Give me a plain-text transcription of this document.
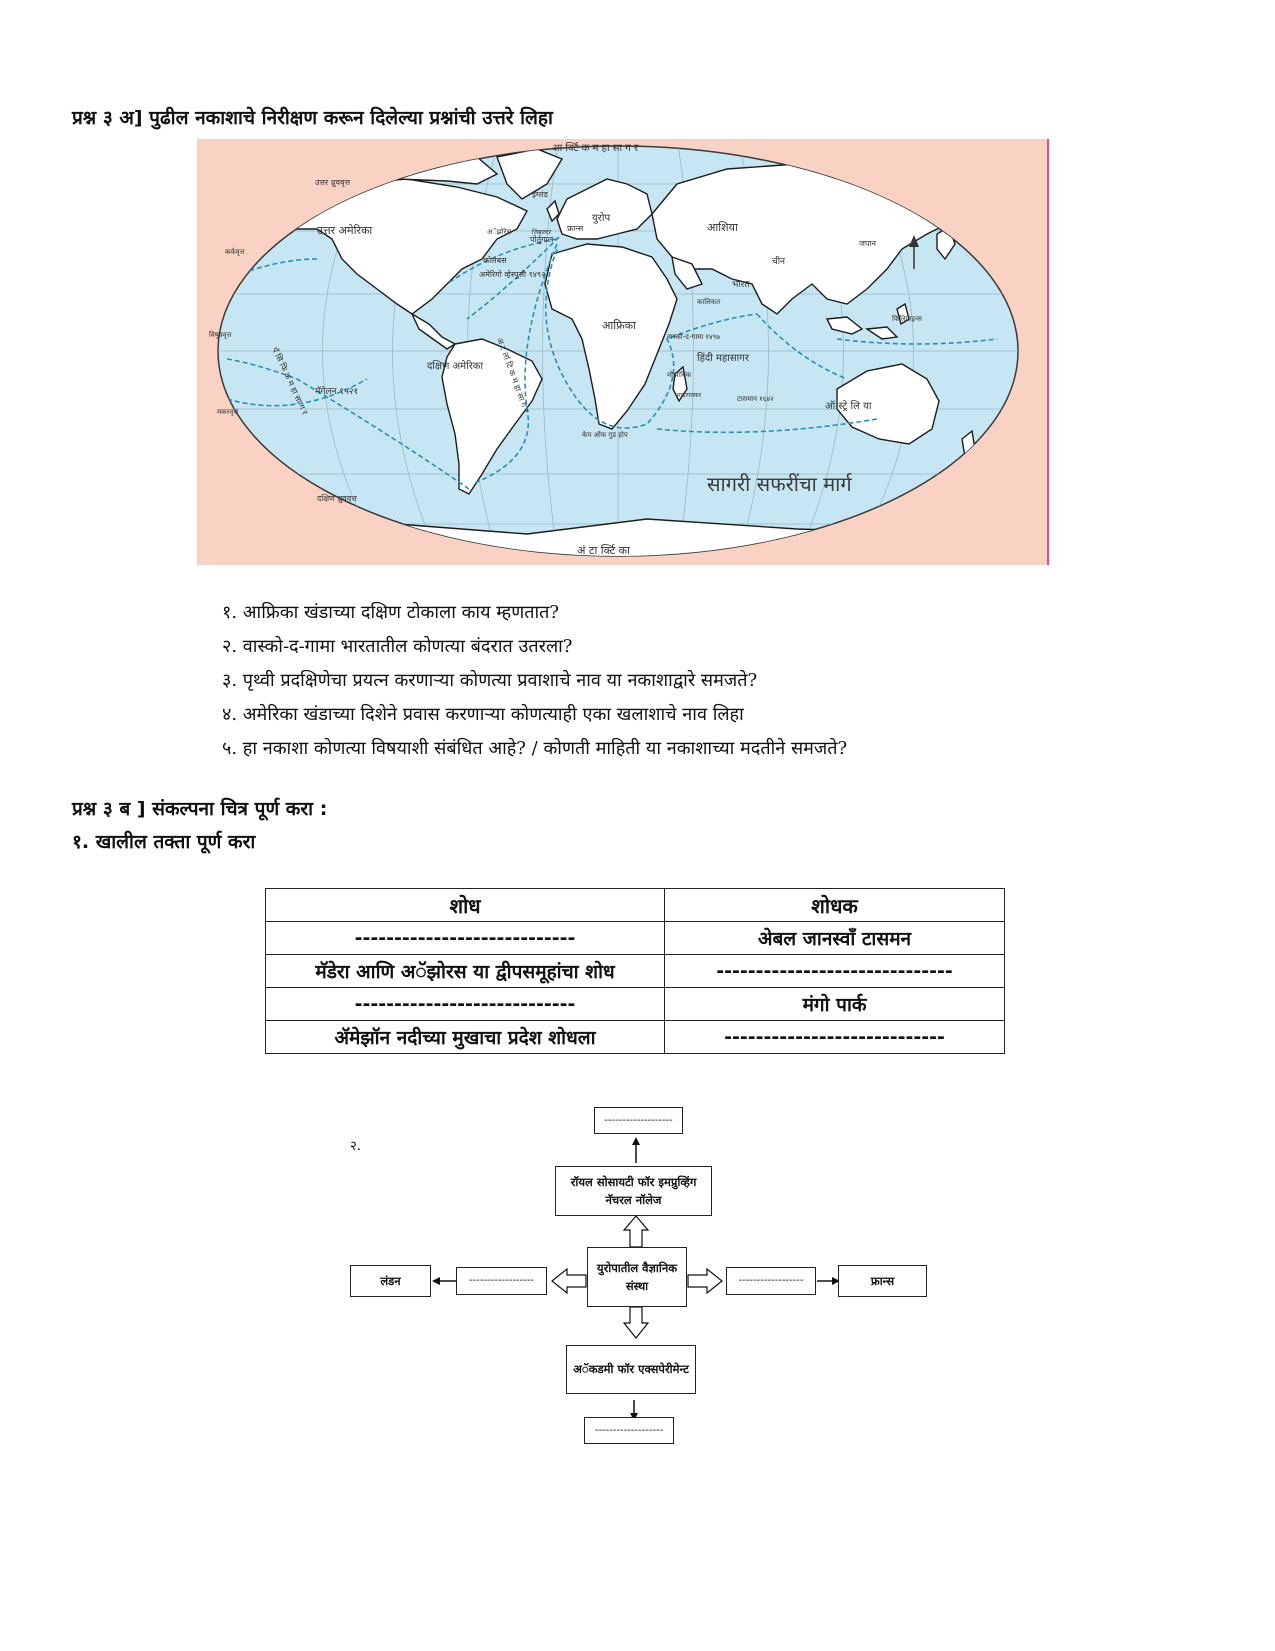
प्रश्न ३ अ] पुढील नकाशाचे निरीक्षण करून दिलेल्या प्रश्नांची उत्तरे लिहा
आ र्क्टि क म हा सा ग र
उत्तर ध्रुववृत्त
उत्तर अमेरिका
इंग्लंड
युरोप
फ्रान्स
अॅझोरेस
पोर्तुगाल
जिब्राल्टर	आशिया
चीन
जपान
भारत
कालिकत
कोलंबस
अमेरिगो व्हेस्पुसी १४९२
कर्कवृत्त
आफ्रिका
विषुववृत्त	वास्को-द-गामा १४९७
हिंदी महासागर
मोझांबिक
फिलिपाइन्स
दक्षिण अमेरिका
मॅगेलन १५२१
मकरवृत्त
टासमान १६४२
मादागास्कर
ऑ स्ट्रे लि या
केप ऑफ गुड होप
अ ट लां टि क म हा सा ग र
पॅ सि फि क म हा सा ग र
दक्षिण ध्रुववृत्त
अं टा र्क्टि का
सागरी सफरींचा मार्ग
१. आफ्रिका खंडाच्या दक्षिण टोकाला काय म्हणतात?
२. वास्को-द-गामा भारतातील कोणत्या बंदरात उतरला?
३. पृथ्वी प्रदक्षिणेचा प्रयत्न करणाऱ्या कोणत्या प्रवाशाचे नाव या नकाशाद्वारे समजते?
४. अमेरिका खंडाच्या दिशेने प्रवास करणाऱ्या कोणत्याही एका खलाशाचे नाव लिहा
५. हा नकाशा कोणत्या विषयाशी संबंधित आहे? / कोणती माहिती या नकाशाच्या मदतीने समजते?
प्रश्न ३ ब ] संकल्पना चित्र पूर्ण करा :
१. खालील तक्ता पूर्ण करा
शोध	शोधक
----------------------------	अेबल जानस्वाँ टासमन
मॅडेरा आणि अॅझोरस या द्वीपसमूहांचा शोध	------------------------------
----------------------------	मंगो पार्क
ॲमेझॉन नदीच्या मुखाचा प्रदेश शोधला	----------------------------
२.
-------------------
रॉयल सोसायटी फॉर इमप्रुव्हिंग नॅचरल नॉलेज
युरोपातील वैज्ञानिक संस्था
------------------
लंडन	------------------	फ्रान्स
अॅकडमी फॉर एक्सपेरीमेन्ट
-------------------
